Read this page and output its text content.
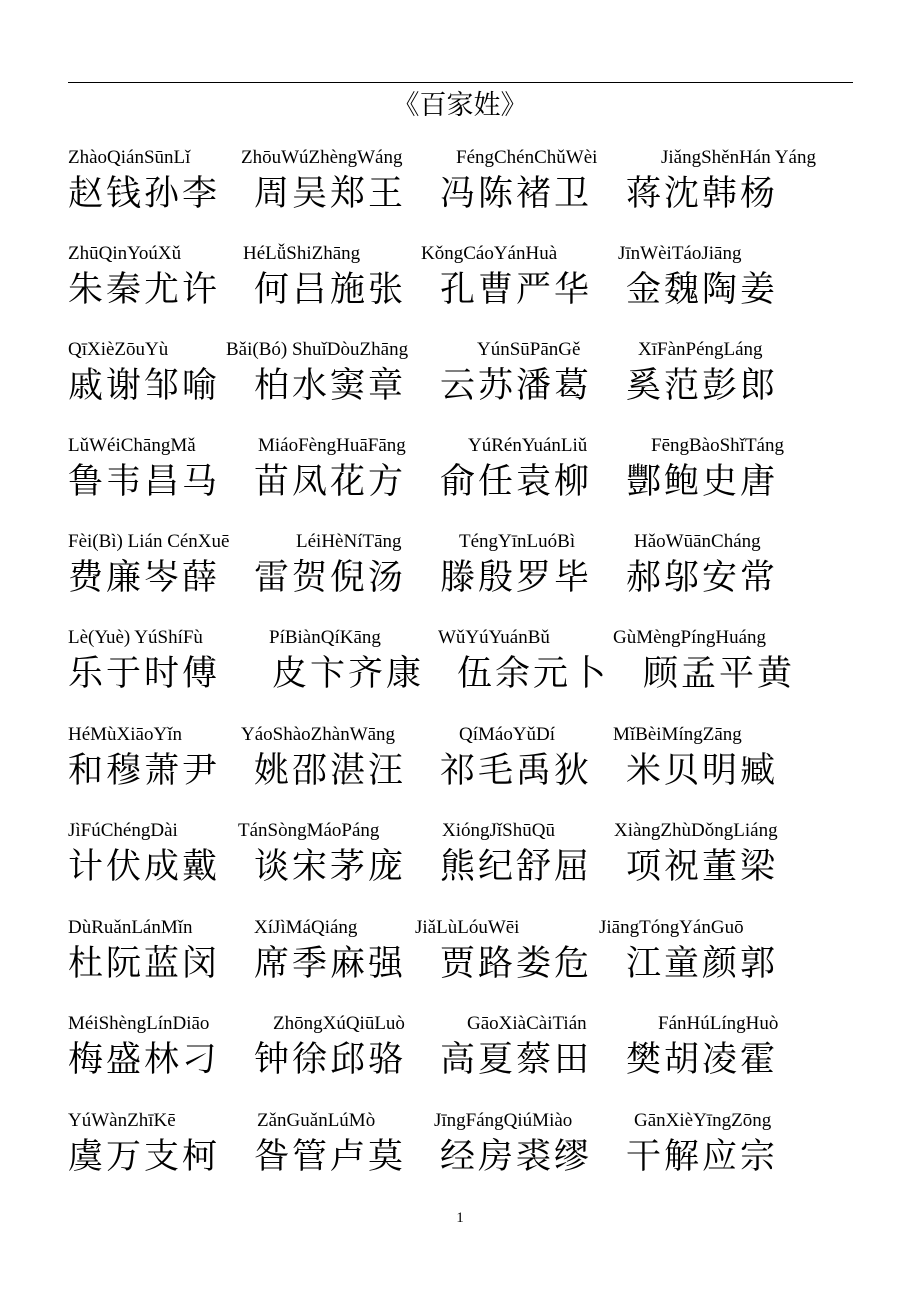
《百家姓》
ZhàoQiánSūnLǐ	ZhōuWúZhèngWáng	FéngChénChǔWèi	JiǎngShěnHán Yáng
赵钱孙李 周吴郑王 冯陈褚卫 蒋沈韩杨
ZhūQinYoúXǔ	HéLǚShiZhāng	KǒngCáoYánHuà	JīnWèiTáoJiāng
朱秦尤许 何吕施张 孔曹严华 金魏陶姜
QīXièZōuYù	Bǎi(Bó) ShuǐDòuZhāng	YúnSūPānGě	XīFànPéngLáng
戚谢邹喻 柏水窦章 云苏潘葛 奚范彭郎
LǔWéiChāngMǎ	MiáoFèngHuāFāng	YúRénYuánLiǔ	FēngBàoShǐTáng
鲁韦昌马 苗凤花方 俞任袁柳 酆鲍史唐
Fèi(Bì) Lián CénXuē	LéiHèNíTāng	TéngYīnLuóBì	HǎoWūānCháng
费廉岑薛 雷贺倪汤 滕殷罗毕 郝邬安常
Lè(Yuè) YúShíFù	PíBiànQíKāng	WǔYúYuánBǔ	GùMèngPíngHuáng
乐于时傅 皮卞齐康 伍余元卜 顾孟平黄
HéMùXiāoYǐn	YáoShàoZhànWāng	QíMáoYǔDí	MǐBèiMíngZāng
和穆萧尹 姚邵湛汪 祁毛禹狄 米贝明臧
JìFúChéngDài	TánSòngMáoPáng	XióngJǐShūQū	XiàngZhùDǒngLiáng
计伏成戴 谈宋茅庞 熊纪舒屈 项祝董梁
DùRuǎnLánMǐn	XíJìMáQiáng	JiǎLùLóuWēi	JiāngTóngYánGuō
杜阮蓝闵 席季麻强 贾路娄危 江童颜郭
MéiShèngLínDiāo	ZhōngXúQiūLuò	GāoXiàCàiTián	FánHúLíngHuò
梅盛林刁 钟徐邱骆 高夏蔡田 樊胡凌霍
YúWànZhīKē	ZǎnGuǎnLúMò	JīngFángQiúMiào	GānXièYīngZōng
虞万支柯 昝管卢莫 经房裘缪 干解应宗
1
